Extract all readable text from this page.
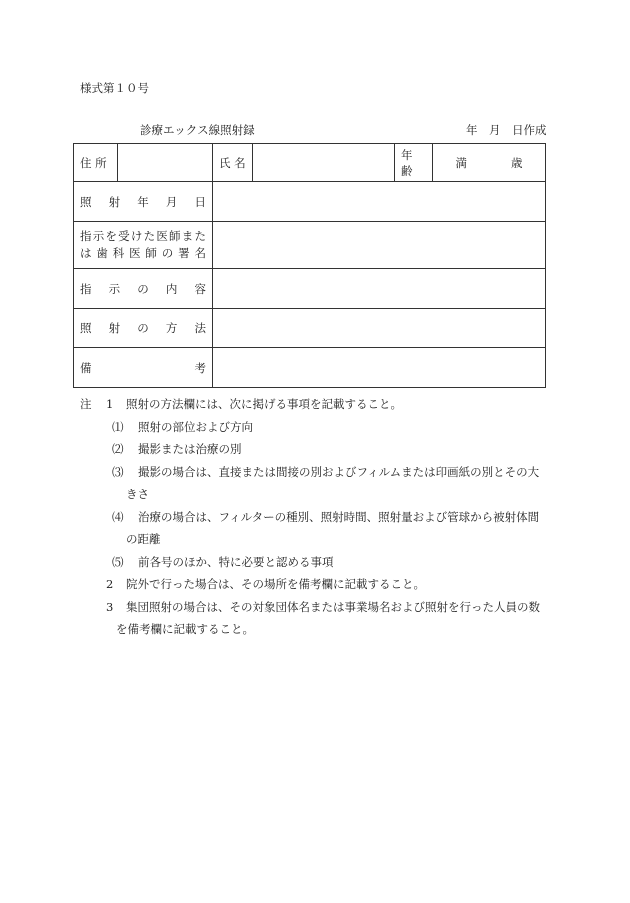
様式第１０号
診療エックス線照射録	年　月　日作成
住 所		氏 名		年 齢	満 歳
照射年月日					

指示を受けた医師また
は歯科医師の署名					

指示の内容					
照射の方法					
備考					
注	1	照射の方法欄には、次に掲げる事項を記載すること。
⑴	照射の部位および方向
⑵	撮影または治療の別
⑶	撮影の場合は、直接または間接の別およびフィルムまたは印画紙の別とその大
きさ
⑷	治療の場合は、フィルターの種別、照射時間、照射量および管球から被射体間
の距離
⑸	前各号のほか、特に必要と認める事項
2	院外で行った場合は、その場所を備考欄に記載すること。
3	集団照射の場合は、その対象団体名または事業場名および照射を行った人員の数
を備考欄に記載すること。
